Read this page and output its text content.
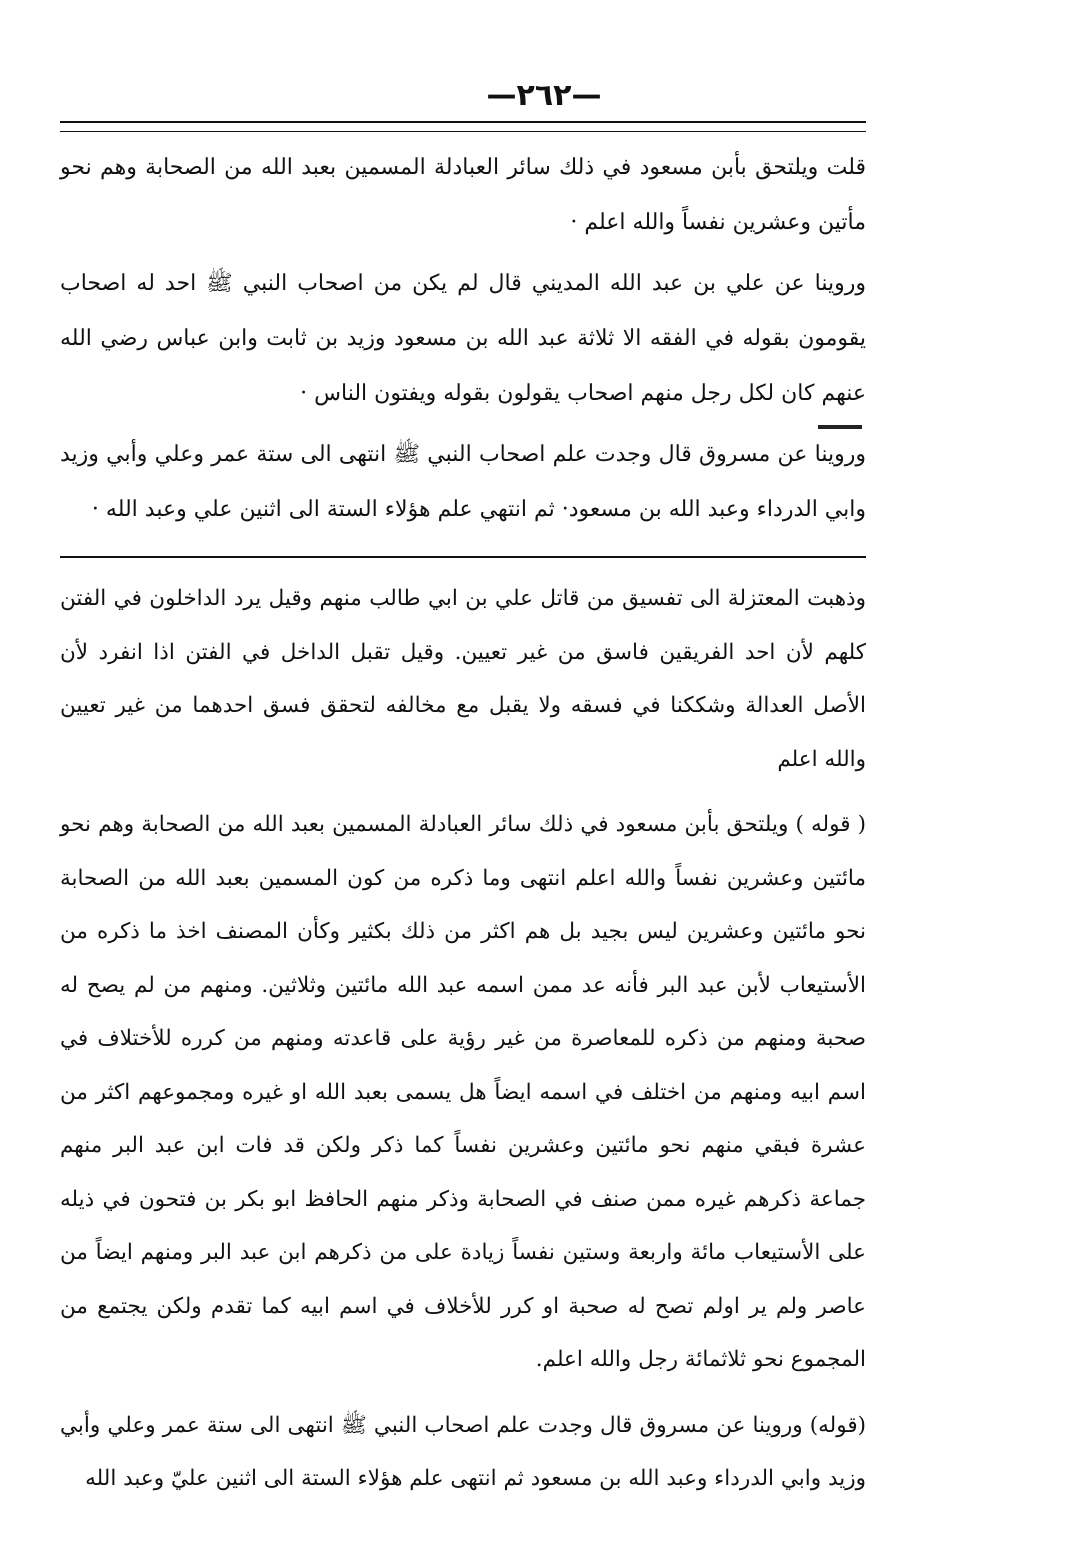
—٢٦٢—

قلت ويلتحق بأبن مسعود في ذلك سائر العبادلة المسمين بعبد الله من الصحابة وهم نحو مأتين وعشرين نفساً والله اعلم ·

وروينا عن علي بن عبد الله المديني قال لم يكن من اصحاب النبي ﷺ احد له اصحاب يقومون بقوله في الفقه الا ثلاثة عبد الله بن مسعود وزيد بن ثابت وابن عباس رضي الله عنهم كان لكل رجل منهم اصحاب يقولون بقوله ويفتون الناس ·

وروينا عن مسروق قال وجدت علم اصحاب النبي ﷺ انتهى الى ستة عمر وعلي وأبي وزيد وابي الدرداء وعبد الله بن مسعود· ثم انتهي علم هؤلاء الستة الى اثنين علي وعبد الله ·

وذهبت المعتزلة الى تفسيق من قاتل علي بن ابي طالب منهم وقيل يرد الداخلون في الفتن كلهم لأن احد الفريقين فاسق من غير تعيين. وقيل تقبل الداخل في الفتن اذا انفرد لأن الأصل العدالة وشككنا في فسقه ولا يقبل مع مخالفه لتحقق فسق احدهما من غير تعيين والله اعلم

( قوله ) ويلتحق بأبن مسعود في ذلك سائر العبادلة المسمين بعبد الله من الصحابة وهم نحو مائتين وعشرين نفساً والله اعلم انتهى وما ذكره من كون المسمين بعبد الله من الصحابة نحو مائتين وعشرين ليس بجيد بل هم اكثر من ذلك بكثير وكأن المصنف اخذ ما ذكره من الأستيعاب لأبن عبد البر فأنه عد ممن اسمه عبد الله مائتين وثلاثين. ومنهم من لم يصح له صحبة ومنهم من ذكره للمعاصرة من غير رؤية على قاعدته ومنهم من كرره للأختلاف في اسم ابيه ومنهم من اختلف في اسمه ايضاً هل يسمى بعبد الله او غيره ومجموعهم اكثر من عشرة فبقي منهم نحو مائتين وعشرين نفساً كما ذكر ولكن قد فات ابن عبد البر منهم جماعة ذكرهم غيره ممن صنف في الصحابة وذكر منهم الحافظ ابو بكر بن فتحون في ذيله على الأستيعاب مائة واربعة وستين نفساً زيادة على من ذكرهم ابن عبد البر ومنهم ايضاً من عاصر ولم ير اولم تصح له صحبة او كرر للأخلاف في اسم ابيه كما تقدم ولكن يجتمع من المجموع نحو ثلاثمائة رجل والله اعلم.

(قوله) وروينا عن مسروق قال وجدت علم اصحاب النبي ﷺ انتهى الى ستة عمر وعلي وأبي وزيد وابي الدرداء وعبد الله بن مسعود ثم انتهى علم هؤلاء الستة الى اثنين عليّ وعبد الله
